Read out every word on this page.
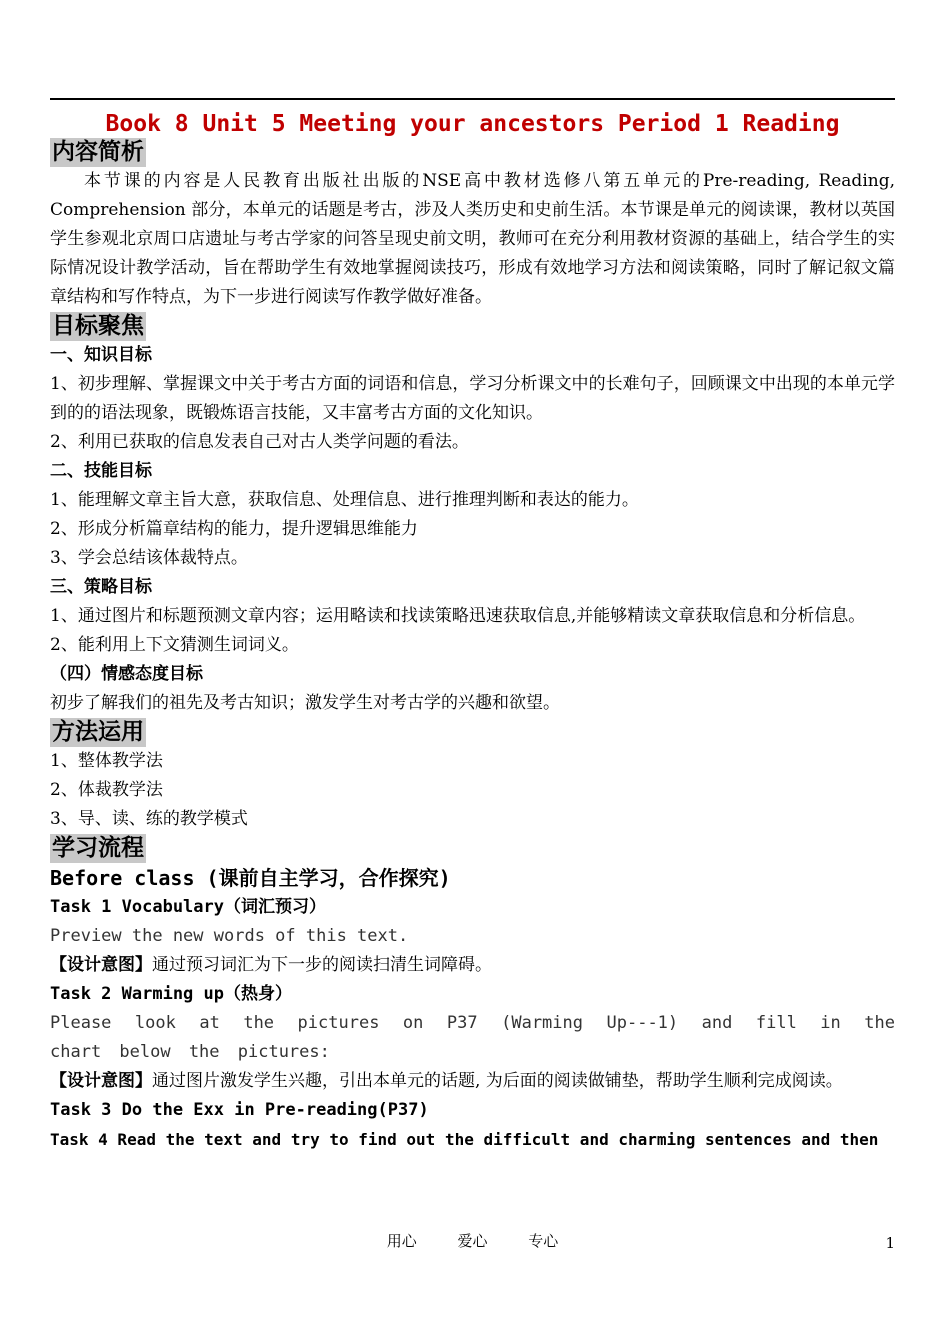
Book 8 Unit 5 Meeting your ancestors Period 1 Reading
内容简析

本节课的内容是人民教育出版社出版的NSE高中教材选修八第五单元的Pre-reading, Reading, Comprehension 部分，本单元的话题是考古，涉及人类历史和史前生活。本节课是单元的阅读课，教材以英国学生参观北京周口店遗址与考古学家的问答呈现史前文明，教师可在充分利用教材资源的基础上，结合学生的实际情况设计教学活动，旨在帮助学生有效地掌握阅读技巧，形成有效地学习方法和阅读策略，同时了解记叙文篇章结构和写作特点，为下一步进行阅读写作教学做好准备。

目标聚焦

一、知识目标

1、初步理解、掌握课文中关于考古方面的词语和信息，学习分析课文中的长难句子，回顾课文中出现的本单元学到的的语法现象，既锻炼语言技能，又丰富考古方面的文化知识。

2、利用已获取的信息发表自己对古人类学问题的看法。

二、技能目标

1、能理解文章主旨大意，获取信息、处理信息、进行推理判断和表达的能力。

2、形成分析篇章结构的能力，提升逻辑思维能力

3、学会总结该体裁特点。

三、策略目标

1、通过图片和标题预测文章内容；运用略读和找读策略迅速获取信息,并能够精读文章获取信息和分析信息。

2、能利用上下文猜测生词词义。

（四）情感态度目标

初步了解我们的祖先及考古知识；激发学生对考古学的兴趣和欲望。

方法运用

1、整体教学法

2、体裁教学法

3、导、读、练的教学模式

学习流程

Before class (课前自主学习，合作探究)

Task 1 Vocabulary（词汇预习）

Preview the new words of this text.

【设计意图】通过预习词汇为下一步的阅读扫清生词障碍。

Task 2 Warming up（热身）

Please look at the pictures on P37 (Warming Up---1) and fill in the chart below the pictures:

【设计意图】通过图片激发学生兴趣，引出本单元的话题, 为后面的阅读做铺垫，帮助学生顺利完成阅读。

Task 3 Do the Exx in Pre-reading(P37)

Task 4 Read the text and try to find out the difficult and charming sentences and then

用心	爱心	专心	1
